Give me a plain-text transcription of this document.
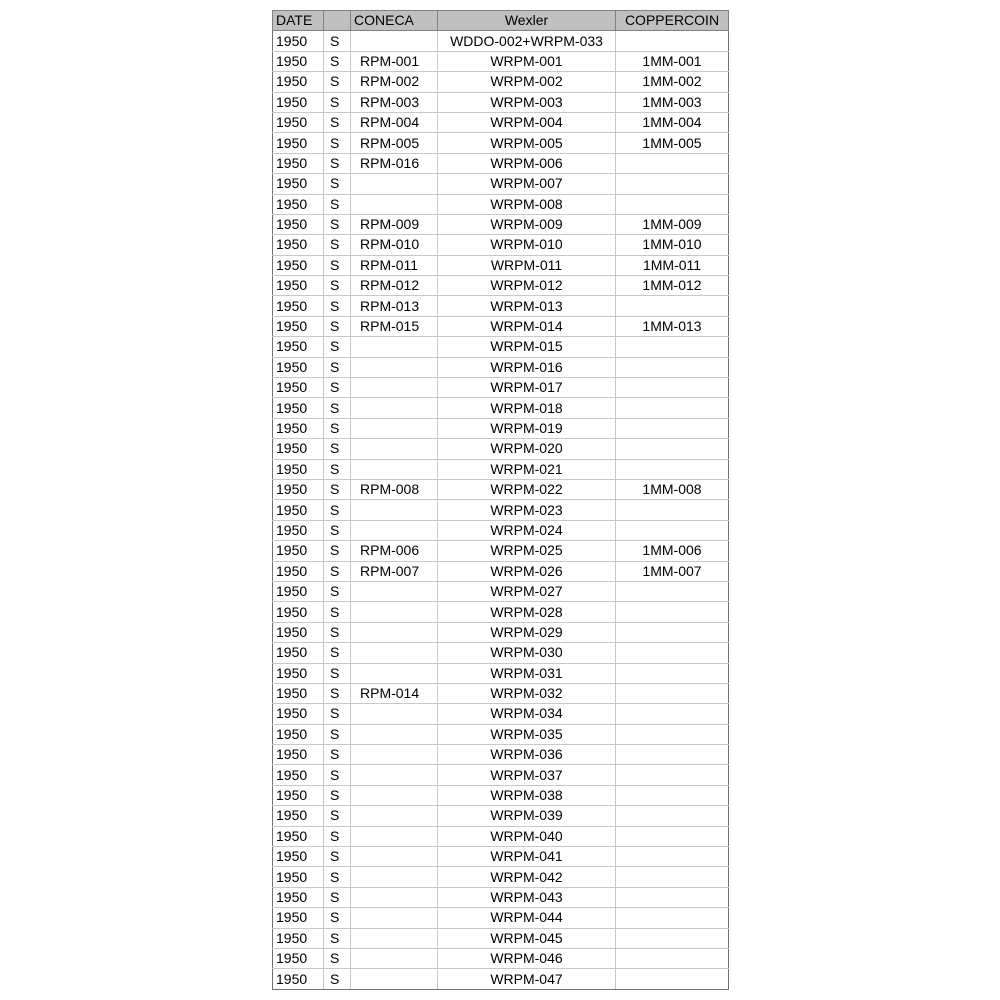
DATE		CONECA	Wexler	COPPERCOIN
1950	S		WDDO-002+WRPM-033	
1950	S	RPM-001	WRPM-001	1MM-001
1950	S	RPM-002	WRPM-002	1MM-002
1950	S	RPM-003	WRPM-003	1MM-003
1950	S	RPM-004	WRPM-004	1MM-004
1950	S	RPM-005	WRPM-005	1MM-005
1950	S	RPM-016	WRPM-006	
1950	S		WRPM-007	
1950	S		WRPM-008	
1950	S	RPM-009	WRPM-009	1MM-009
1950	S	RPM-010	WRPM-010	1MM-010
1950	S	RPM-011	WRPM-011	1MM-011
1950	S	RPM-012	WRPM-012	1MM-012
1950	S	RPM-013	WRPM-013	
1950	S	RPM-015	WRPM-014	1MM-013
1950	S		WRPM-015	
1950	S		WRPM-016	
1950	S		WRPM-017	
1950	S		WRPM-018	
1950	S		WRPM-019	
1950	S		WRPM-020	
1950	S		WRPM-021	
1950	S	RPM-008	WRPM-022	1MM-008
1950	S		WRPM-023	
1950	S		WRPM-024	
1950	S	RPM-006	WRPM-025	1MM-006
1950	S	RPM-007	WRPM-026	1MM-007
1950	S		WRPM-027	
1950	S		WRPM-028	
1950	S		WRPM-029	
1950	S		WRPM-030	
1950	S		WRPM-031	
1950	S	RPM-014	WRPM-032	
1950	S		WRPM-034	
1950	S		WRPM-035	
1950	S		WRPM-036	
1950	S		WRPM-037	
1950	S		WRPM-038	
1950	S		WRPM-039	
1950	S		WRPM-040	
1950	S		WRPM-041	
1950	S		WRPM-042	
1950	S		WRPM-043	
1950	S		WRPM-044	
1950	S		WRPM-045	
1950	S		WRPM-046	
1950	S		WRPM-047	
